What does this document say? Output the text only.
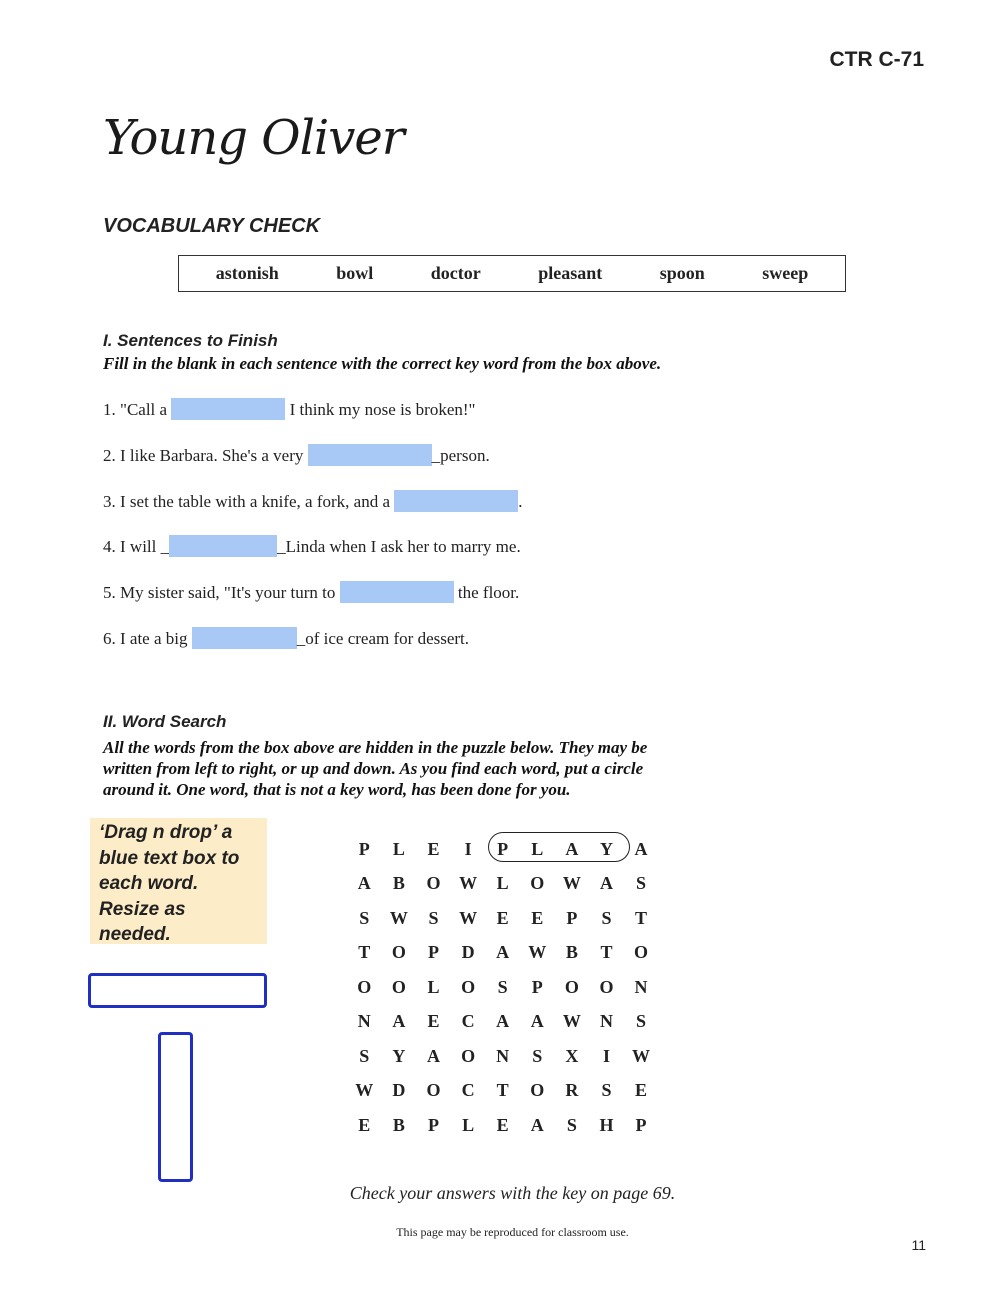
CTR C-71
Young Oliver
VOCABULARY CHECK
astonish	bowl	doctor	pleasant	spoon	sweep
I. Sentences to Finish
Fill in the blank in each sentence with the correct key word from the box above.
1. "Call a	I think my nose is broken!"
2. I like Barbara. She's a very	_person.
3. I set the table with a knife, a fork, and a	.
4. I will _	_Linda when I ask her to marry me.
5. My sister said, "It's your turn to	the floor.
6. I ate a big	_of ice cream for dessert.
II. Word Search
All the words from the box above are hidden in the puzzle below. They may be
written from left to right, or up and down. As you find each word, put a circle
around it. One word, that is not a key word, has been done for you.
‘Drag n drop’ a
blue text box to
each word.
Resize as
needed.
P	L	E	I	P	L	A	Y	A
A	B	O	W	L	O	W	A	S
S	W	S	W	E	E	P	S	T
T	O	P	D	A	W	B	T	O
O	O	L	O	S	P	O	O	N
N	A	E	C	A	A	W	N	S
S	Y	A	O	N	S	X	I	W
W	D	O	C	T	O	R	S	E
E	B	P	L	E	A	S	H	P
Check your answers with the key on page 69.
This page may be reproduced for classroom use.
11
